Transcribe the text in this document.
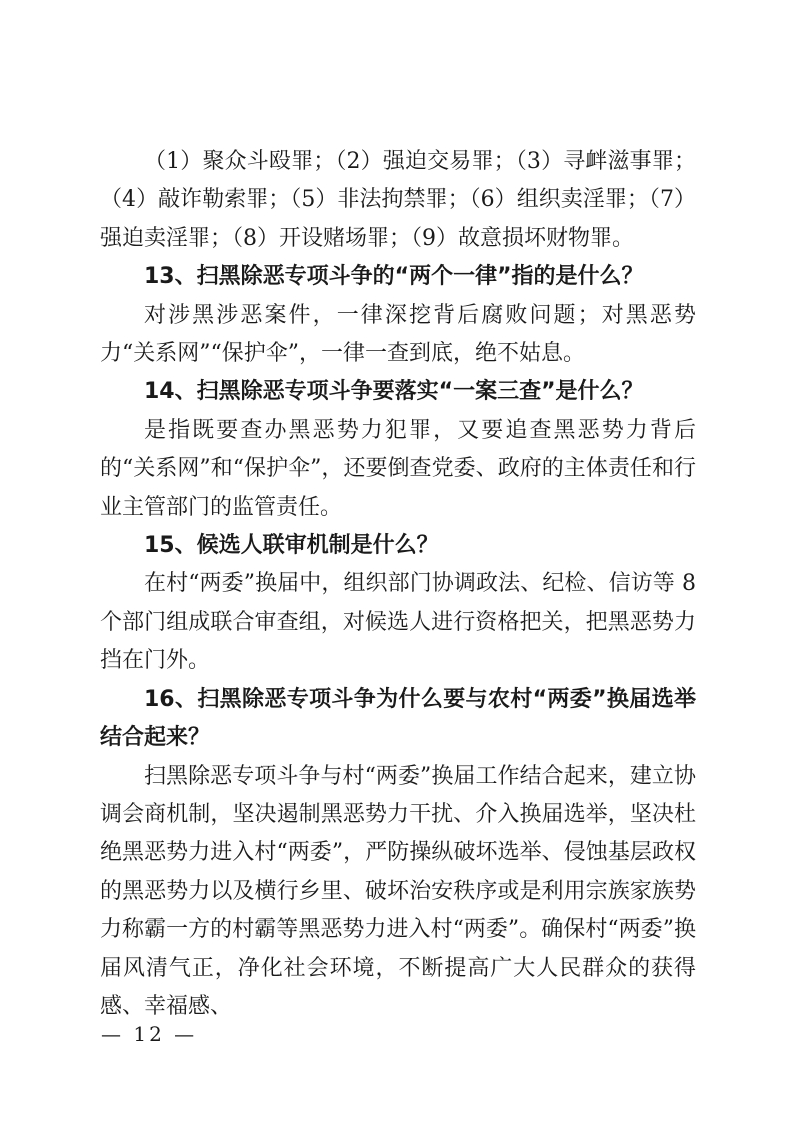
（1）聚众斗殴罪；（2）强迫交易罪；（3）寻衅滋事罪；（4）敲诈勒索罪；（5）非法拘禁罪；（6）组织卖淫罪；（7）强迫卖淫罪；（8）开设赌场罪；（9）故意损坏财物罪。

13、扫黑除恶专项斗争的“两个一律”指的是什么？

对涉黑涉恶案件，一律深挖背后腐败问题；对黑恶势力“关系网”“保护伞”，一律一查到底，绝不姑息。

14、扫黑除恶专项斗争要落实“一案三查”是什么？

是指既要查办黑恶势力犯罪，又要追查黑恶势力背后的“关系网”和“保护伞”，还要倒查党委、政府的主体责任和行业主管部门的监管责任。

15、候选人联审机制是什么？

在村“两委”换届中，组织部门协调政法、纪检、信访等 8 个部门组成联合审查组，对候选人进行资格把关，把黑恶势力挡在门外。

16、扫黑除恶专项斗争为什么要与农村“两委”换届选举结合起来？

扫黑除恶专项斗争与村“两委”换届工作结合起来，建立协调会商机制，坚决遏制黑恶势力干扰、介入换届选举，坚决杜绝黑恶势力进入村“两委”，严防操纵破坏选举、侵蚀基层政权的黑恶势力以及横行乡里、破坏治安秩序或是利用宗族家族势力称霸一方的村霸等黑恶势力进入村“两委”。确保村“两委”换届风清气正，净化社会环境，不断提高广大人民群众的获得感、幸福感、

— 12 —
